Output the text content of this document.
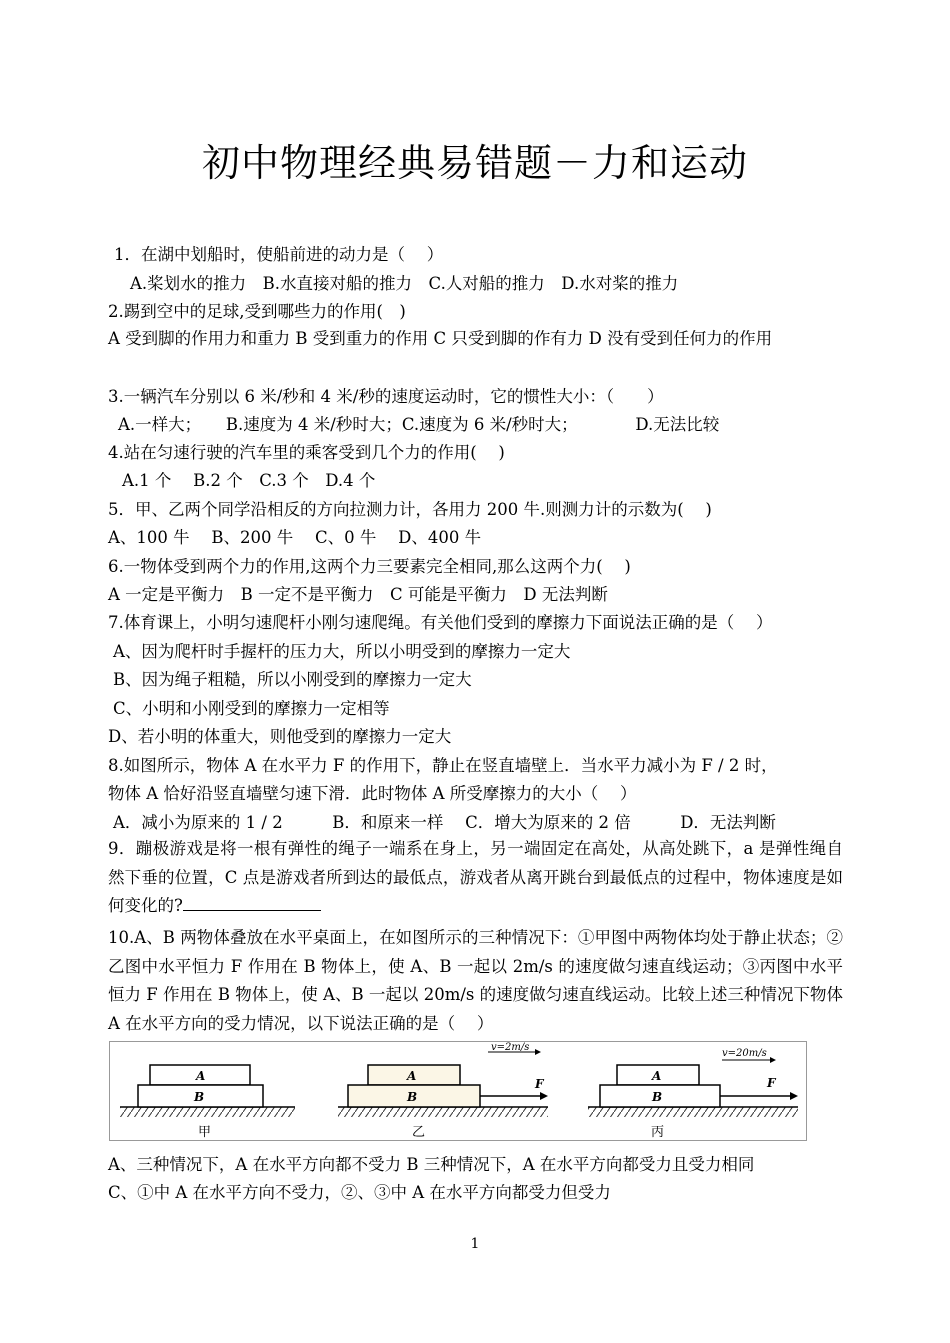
初中物理经典易错题－力和运动
1．在湖中划船时，使船前进的动力是（　 ）
A.桨划水的推力　B.水直接对船的推力　C.人对船的推力　D.水对桨的推力
2.踢到空中的足球,受到哪些力的作用(　)
A 受到脚的作用力和重力 B 受到重力的作用 C 只受到脚的作有力 D 没有受到任何力的作用
3.一辆汽车分别以 6 米/秒和 4 米/秒的速度运动时，它的惯性大小：（　　）
A.一样大；　　B.速度为 4 米/秒时大；C.速度为 6 米/秒时大；　　　　D.无法比较
4.站在匀速行驶的汽车里的乘客受到几个力的作用(　 )
A.1 个　 B.2 个　C.3 个　D.4 个
5．甲、乙两个同学沿相反的方向拉测力计，各用力 200 牛.则测力计的示数为(　 )
A、100 牛　 B、200 牛　 C、0 牛　 D、400 牛
6.一物体受到两个力的作用,这两个力三要素完全相同,那么这两个力(　 )
A 一定是平衡力　B 一定不是平衡力　C 可能是平衡力　D 无法判断
7.体育课上，小明匀速爬杆小刚匀速爬绳。有关他们受到的摩擦力下面说法正确的是（　 ）
A、因为爬杆时手握杆的压力大，所以小明受到的摩擦力一定大
B、因为绳子粗糙，所以小刚受到的摩擦力一定大
C、小明和小刚受到的摩擦力一定相等
D、若小明的体重大，则他受到的摩擦力一定大
8.如图所示，物体 A 在水平力 F 的作用下，静止在竖直墙壁上．当水平力减小为 F / 2 时，
物体 A 恰好沿竖直墙壁匀速下滑．此时物体 A 所受摩擦力的大小（　 ）
A．减小为原来的 1 / 2　　　B．和原来一样　 C．增大为原来的 2 倍　　　D．无法判断
9．蹦极游戏是将一根有弹性的绳子一端系在身上，另一端固定在高处，从高处跳下，a 是弹性绳自然下垂的位置，C 点是游戏者所到达的最低点，游戏者从离开跳台到最低点的过程中，物体速度是如何变化的?
10.A、B 两物体叠放在水平桌面上，在如图所示的三种情况下：①甲图中两物体均处于静止状态；②乙图中水平恒力 F 作用在 B 物体上，使 A、B 一起以 2m/s 的速度做匀速直线运动；③丙图中水平恒力 F 作用在 B 物体上，使 A、B 一起以 20m/s 的速度做匀速直线运动。比较上述三种情况下物体 A 在水平方向的受力情况，以下说法正确的是（　 ）
A
B
甲
F
v=2m/s
A
B
乙
F
v=20m/s
A
B
丙
A、三种情况下，A 在水平方向都不受力 B 三种情况下，A 在水平方向都受力且受力相同
C、①中 A 在水平方向不受力，②、③中 A 在水平方向都受力但受力
1
